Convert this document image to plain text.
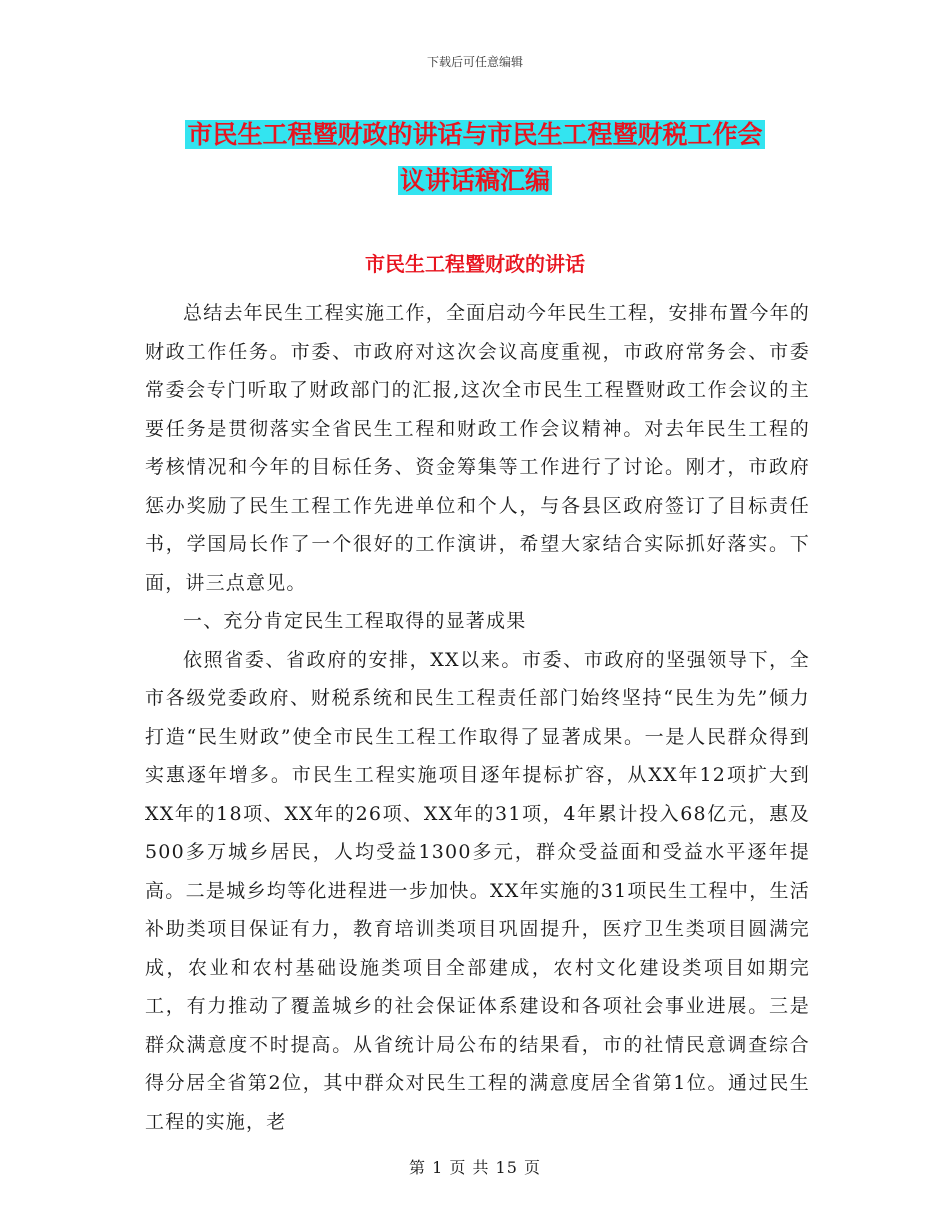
下载后可任意编辑
市民生工程暨财政的讲话与市民生工程暨财税工作会
议讲话稿汇编
市民生工程暨财政的讲话

总结去年民生工程实施工作，全面启动今年民生工程，安排布置今年的财政工作任务。市委、市政府对这次会议高度重视，市政府常务会、市委常委会专门听取了财政部门的汇报,这次全市民生工程暨财政工作会议的主要任务是贯彻落实全省民生工程和财政工作会议精神。对去年民生工程的考核情况和今年的目标任务、资金筹集等工作进行了讨论。刚才，市政府惩办奖励了民生工程工作先进单位和个人，与各县区政府签订了目标责任书，学国局长作了一个很好的工作演讲，希望大家结合实际抓好落实。下面，讲三点意见。

一、充分肯定民生工程取得的显著成果

依照省委、省政府的安排，XX以来。市委、市政府的坚强领导下，全市各级党委政府、财税系统和民生工程责任部门始终坚持“民生为先”倾力打造“民生财政”使全市民生工程工作取得了显著成果。一是人民群众得到实惠逐年增多。市民生工程实施项目逐年提标扩容，从XX年12项扩大到XX年的18项、XX年的26项、XX年的31项，4年累计投入68亿元，惠及500多万城乡居民，人均受益1300多元，群众受益面和受益水平逐年提高。二是城乡均等化进程进一步加快。XX年实施的31项民生工程中，生活补助类项目保证有力，教育培训类项目巩固提升，医疗卫生类项目圆满完成，农业和农村基础设施类项目全部建成，农村文化建设类项目如期完工，有力推动了覆盖城乡的社会保证体系建设和各项社会事业进展。三是群众满意度不时提高。从省统计局公布的结果看，市的社情民意调查综合得分居全省第2位，其中群众对民生工程的满意度居全省第1位。通过民生工程的实施，老

第 1 页 共 15 页
